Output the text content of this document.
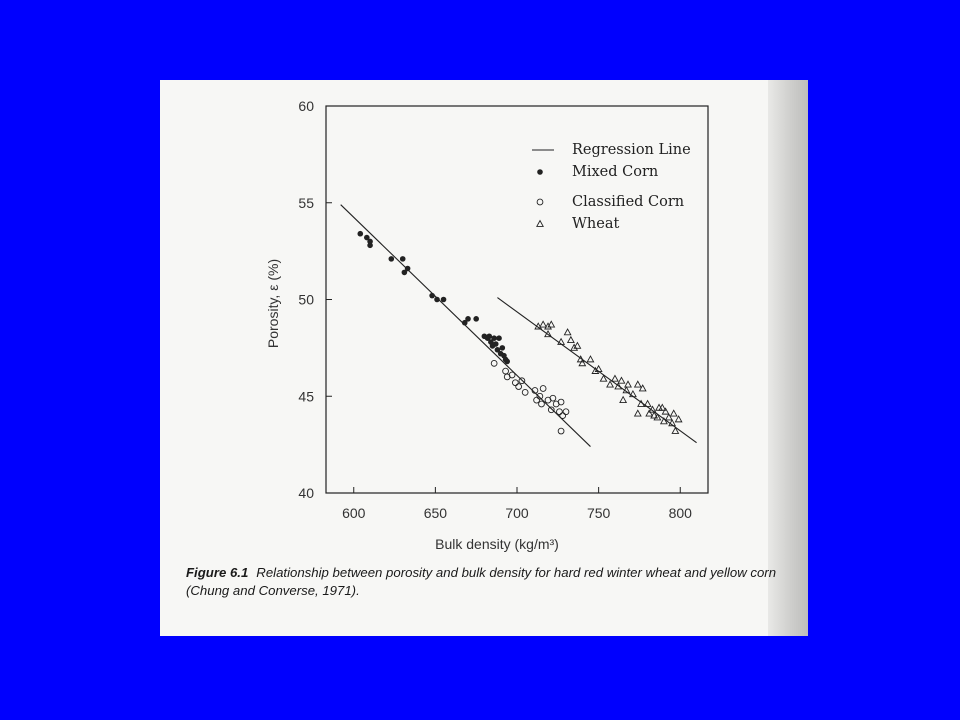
600	650	700	750	800
40
45
50
55
60
Bulk density (kg/m³)
Porosity, ε (%)
Regression Line
Mixed Corn
Classified Corn
Wheat
Figure 6.1 Relationship between porosity and bulk density for hard red winter wheat and yellow corn (Chung and Converse, 1971).
